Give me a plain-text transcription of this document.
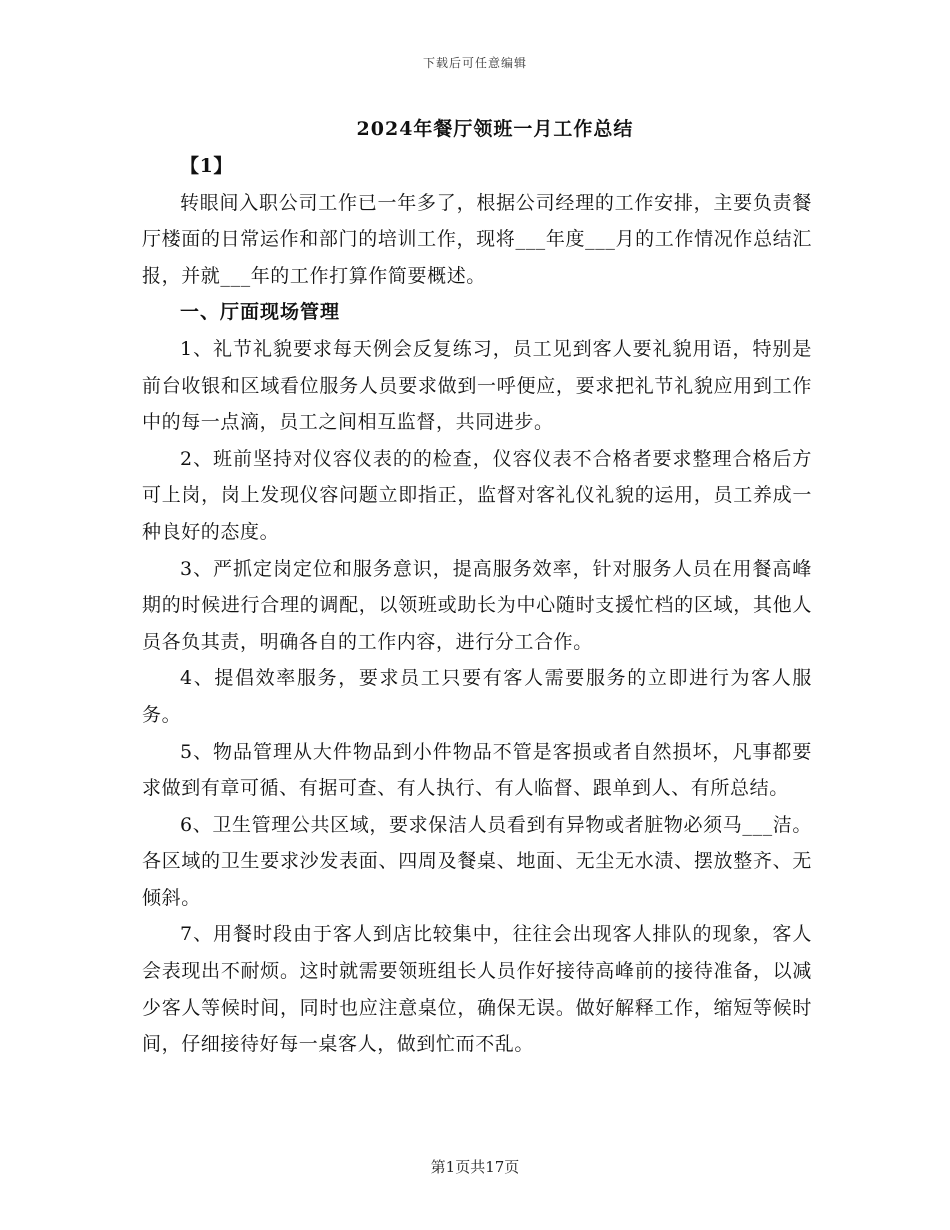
下载后可任意编辑
2024年餐厅领班一月工作总结

【1】

转眼间入职公司工作已一年多了，根据公司经理的工作安排，主要负责餐厅楼面的日常运作和部门的培训工作，现将___年度___月的工作情况作总结汇报，并就___年的工作打算作简要概述。

一、厅面现场管理

1、礼节礼貌要求每天例会反复练习，员工见到客人要礼貌用语，特别是前台收银和区域看位服务人员要求做到一呼便应，要求把礼节礼貌应用到工作中的每一点滴，员工之间相互监督，共同进步。

2、班前坚持对仪容仪表的的检查，仪容仪表不合格者要求整理合格后方可上岗，岗上发现仪容问题立即指正，监督对客礼仪礼貌的运用，员工养成一种良好的态度。

3、严抓定岗定位和服务意识，提高服务效率，针对服务人员在用餐高峰期的时候进行合理的调配，以领班或助长为中心随时支援忙档的区域，其他人员各负其责，明确各自的工作内容，进行分工合作。

4、提倡效率服务，要求员工只要有客人需要服务的立即进行为客人服务。

5、物品管理从大件物品到小件物品不管是客损或者自然损坏，凡事都要求做到有章可循、有据可查、有人执行、有人临督、跟单到人、有所总结。

6、卫生管理公共区域，要求保洁人员看到有异物或者脏物必须马___洁。各区域的卫生要求沙发表面、四周及餐桌、地面、无尘无水渍、摆放整齐、无倾斜。

7、用餐时段由于客人到店比较集中，往往会出现客人排队的现象，客人会表现出不耐烦。这时就需要领班组长人员作好接待高峰前的接待准备，以减少客人等候时间，同时也应注意桌位，确保无误。做好解释工作，缩短等候时间，仔细接待好每一桌客人，做到忙而不乱。

第1页共17页
